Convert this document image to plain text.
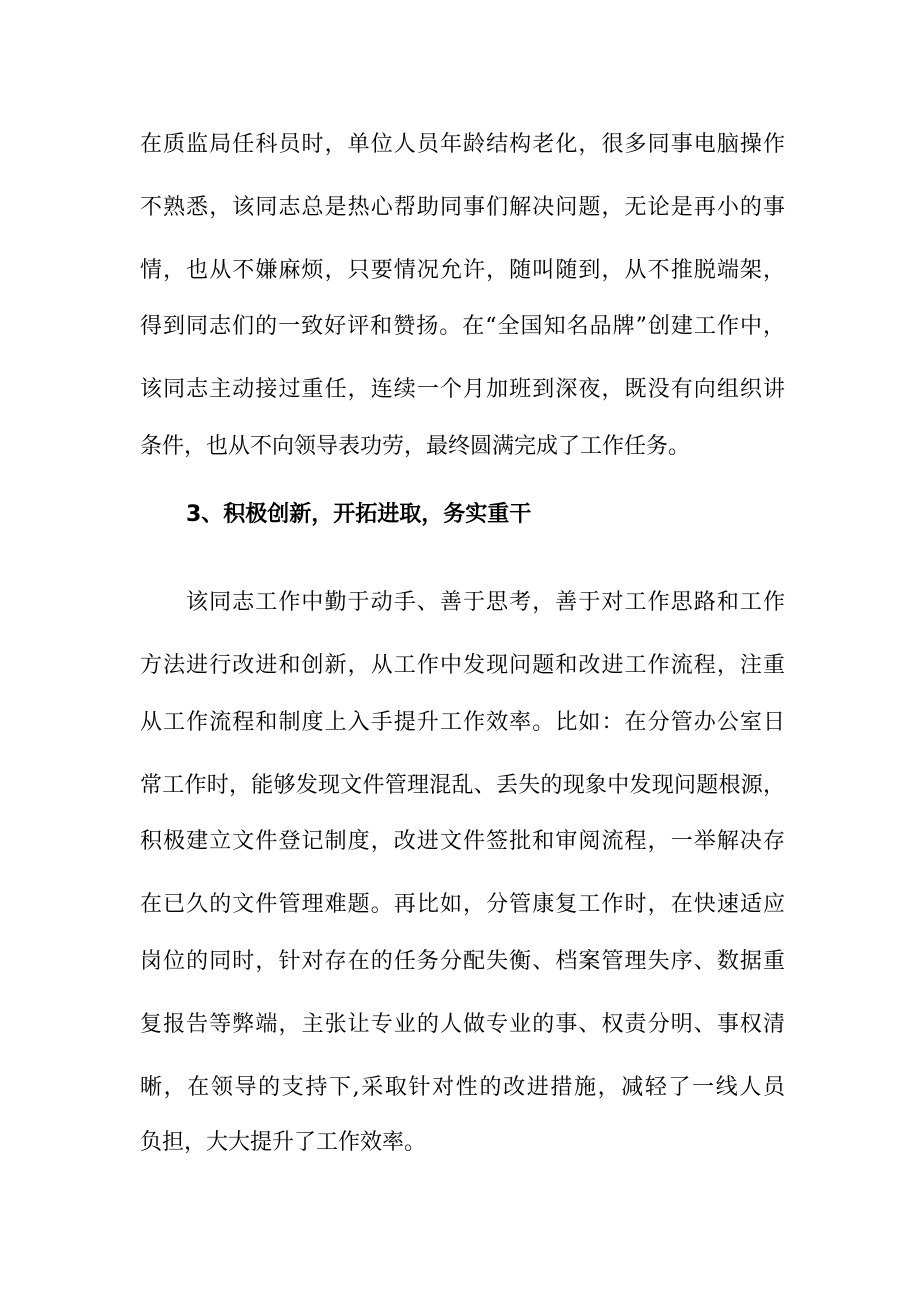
在质监局任科员时，单位人员年龄结构老化，很多同事电脑操作
不熟悉，该同志总是热心帮助同事们解决问题，无论是再小的事
情，也从不嫌麻烦，只要情况允许，随叫随到，从不推脱端架，
得到同志们的一致好评和赞扬。在“全国知名品牌”创建工作中，
该同志主动接过重任，连续一个月加班到深夜，既没有向组织讲
条件，也从不向领导表功劳，最终圆满完成了工作任务。
3、积极创新，开拓进取，务实重干
该同志工作中勤于动手、善于思考，善于对工作思路和工作
方法进行改进和创新，从工作中发现问题和改进工作流程，注重
从工作流程和制度上入手提升工作效率。比如：在分管办公室日
常工作时，能够发现文件管理混乱、丢失的现象中发现问题根源，
积极建立文件登记制度，改进文件签批和审阅流程，一举解决存
在已久的文件管理难题。再比如，分管康复工作时，在快速适应
岗位的同时，针对存在的任务分配失衡、档案管理失序、数据重
复报告等弊端，主张让专业的人做专业的事、权责分明、事权清
晰，在领导的支持下,采取针对性的改进措施，减轻了一线人员
负担，大大提升了工作效率。
